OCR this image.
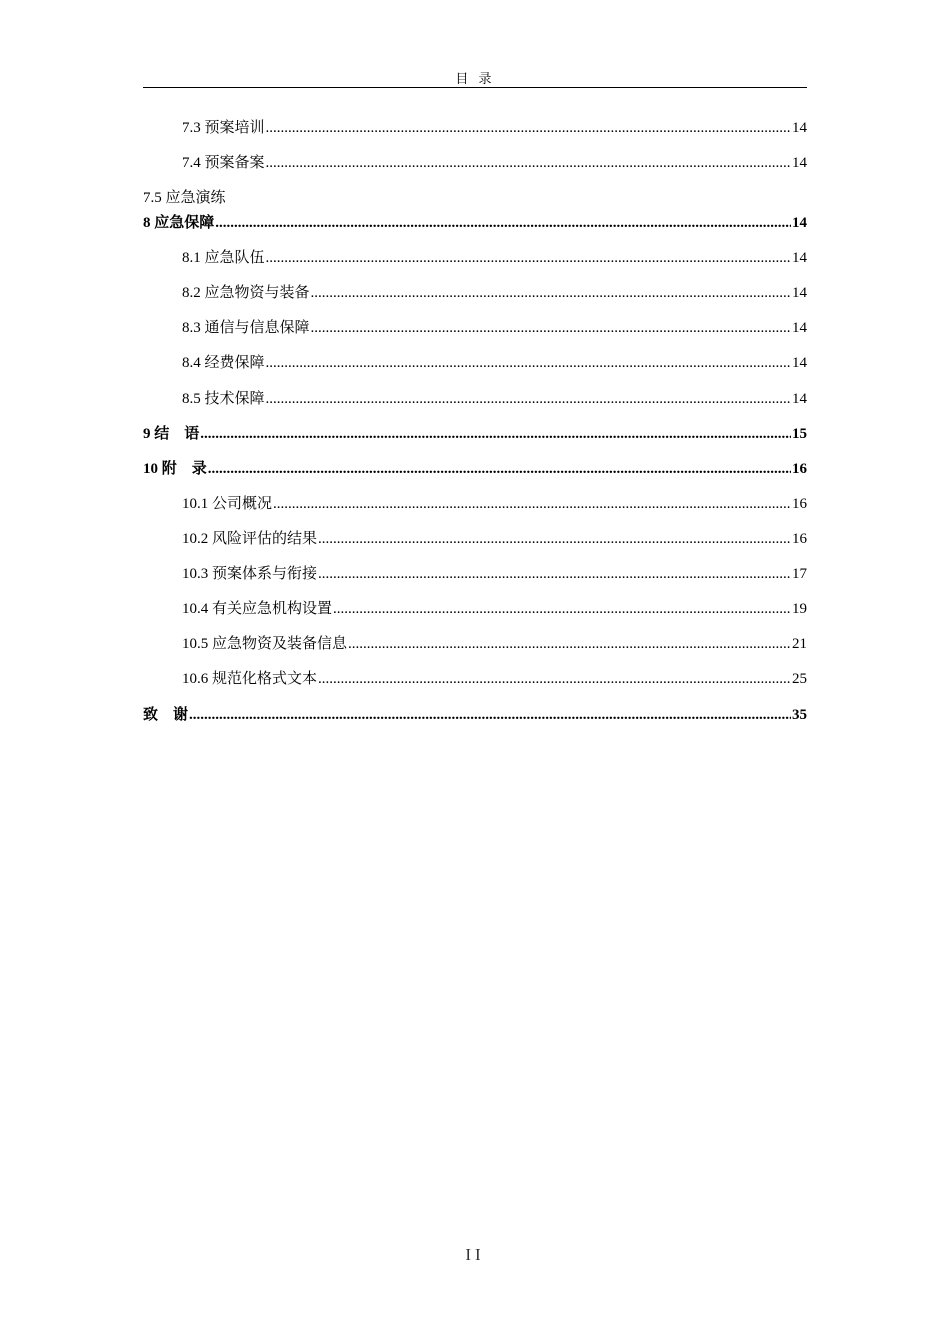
目 录
7.3 预案培训 .....	14
7.4 预案备案 .....	14
7.5 应急演练
8 应急保障 .....	14
8.1 应急队伍 .....	14
8.2 应急物资与装备 .....	14
8.3 通信与信息保障 .....	14
8.4 经费保障 .....	14
8.5 技术保障 .....	14
9 结　语 .....	15
10 附　录 .....	16
10.1 公司概况 .....	16
10.2 风险评估的结果 .....	16
10.3 预案体系与衔接 .....	17
10.4 有关应急机构设置 .....	19
10.5 应急物资及装备信息 .....	21
10.6 规范化格式文本 .....	25
致　谢 .....	35
II
